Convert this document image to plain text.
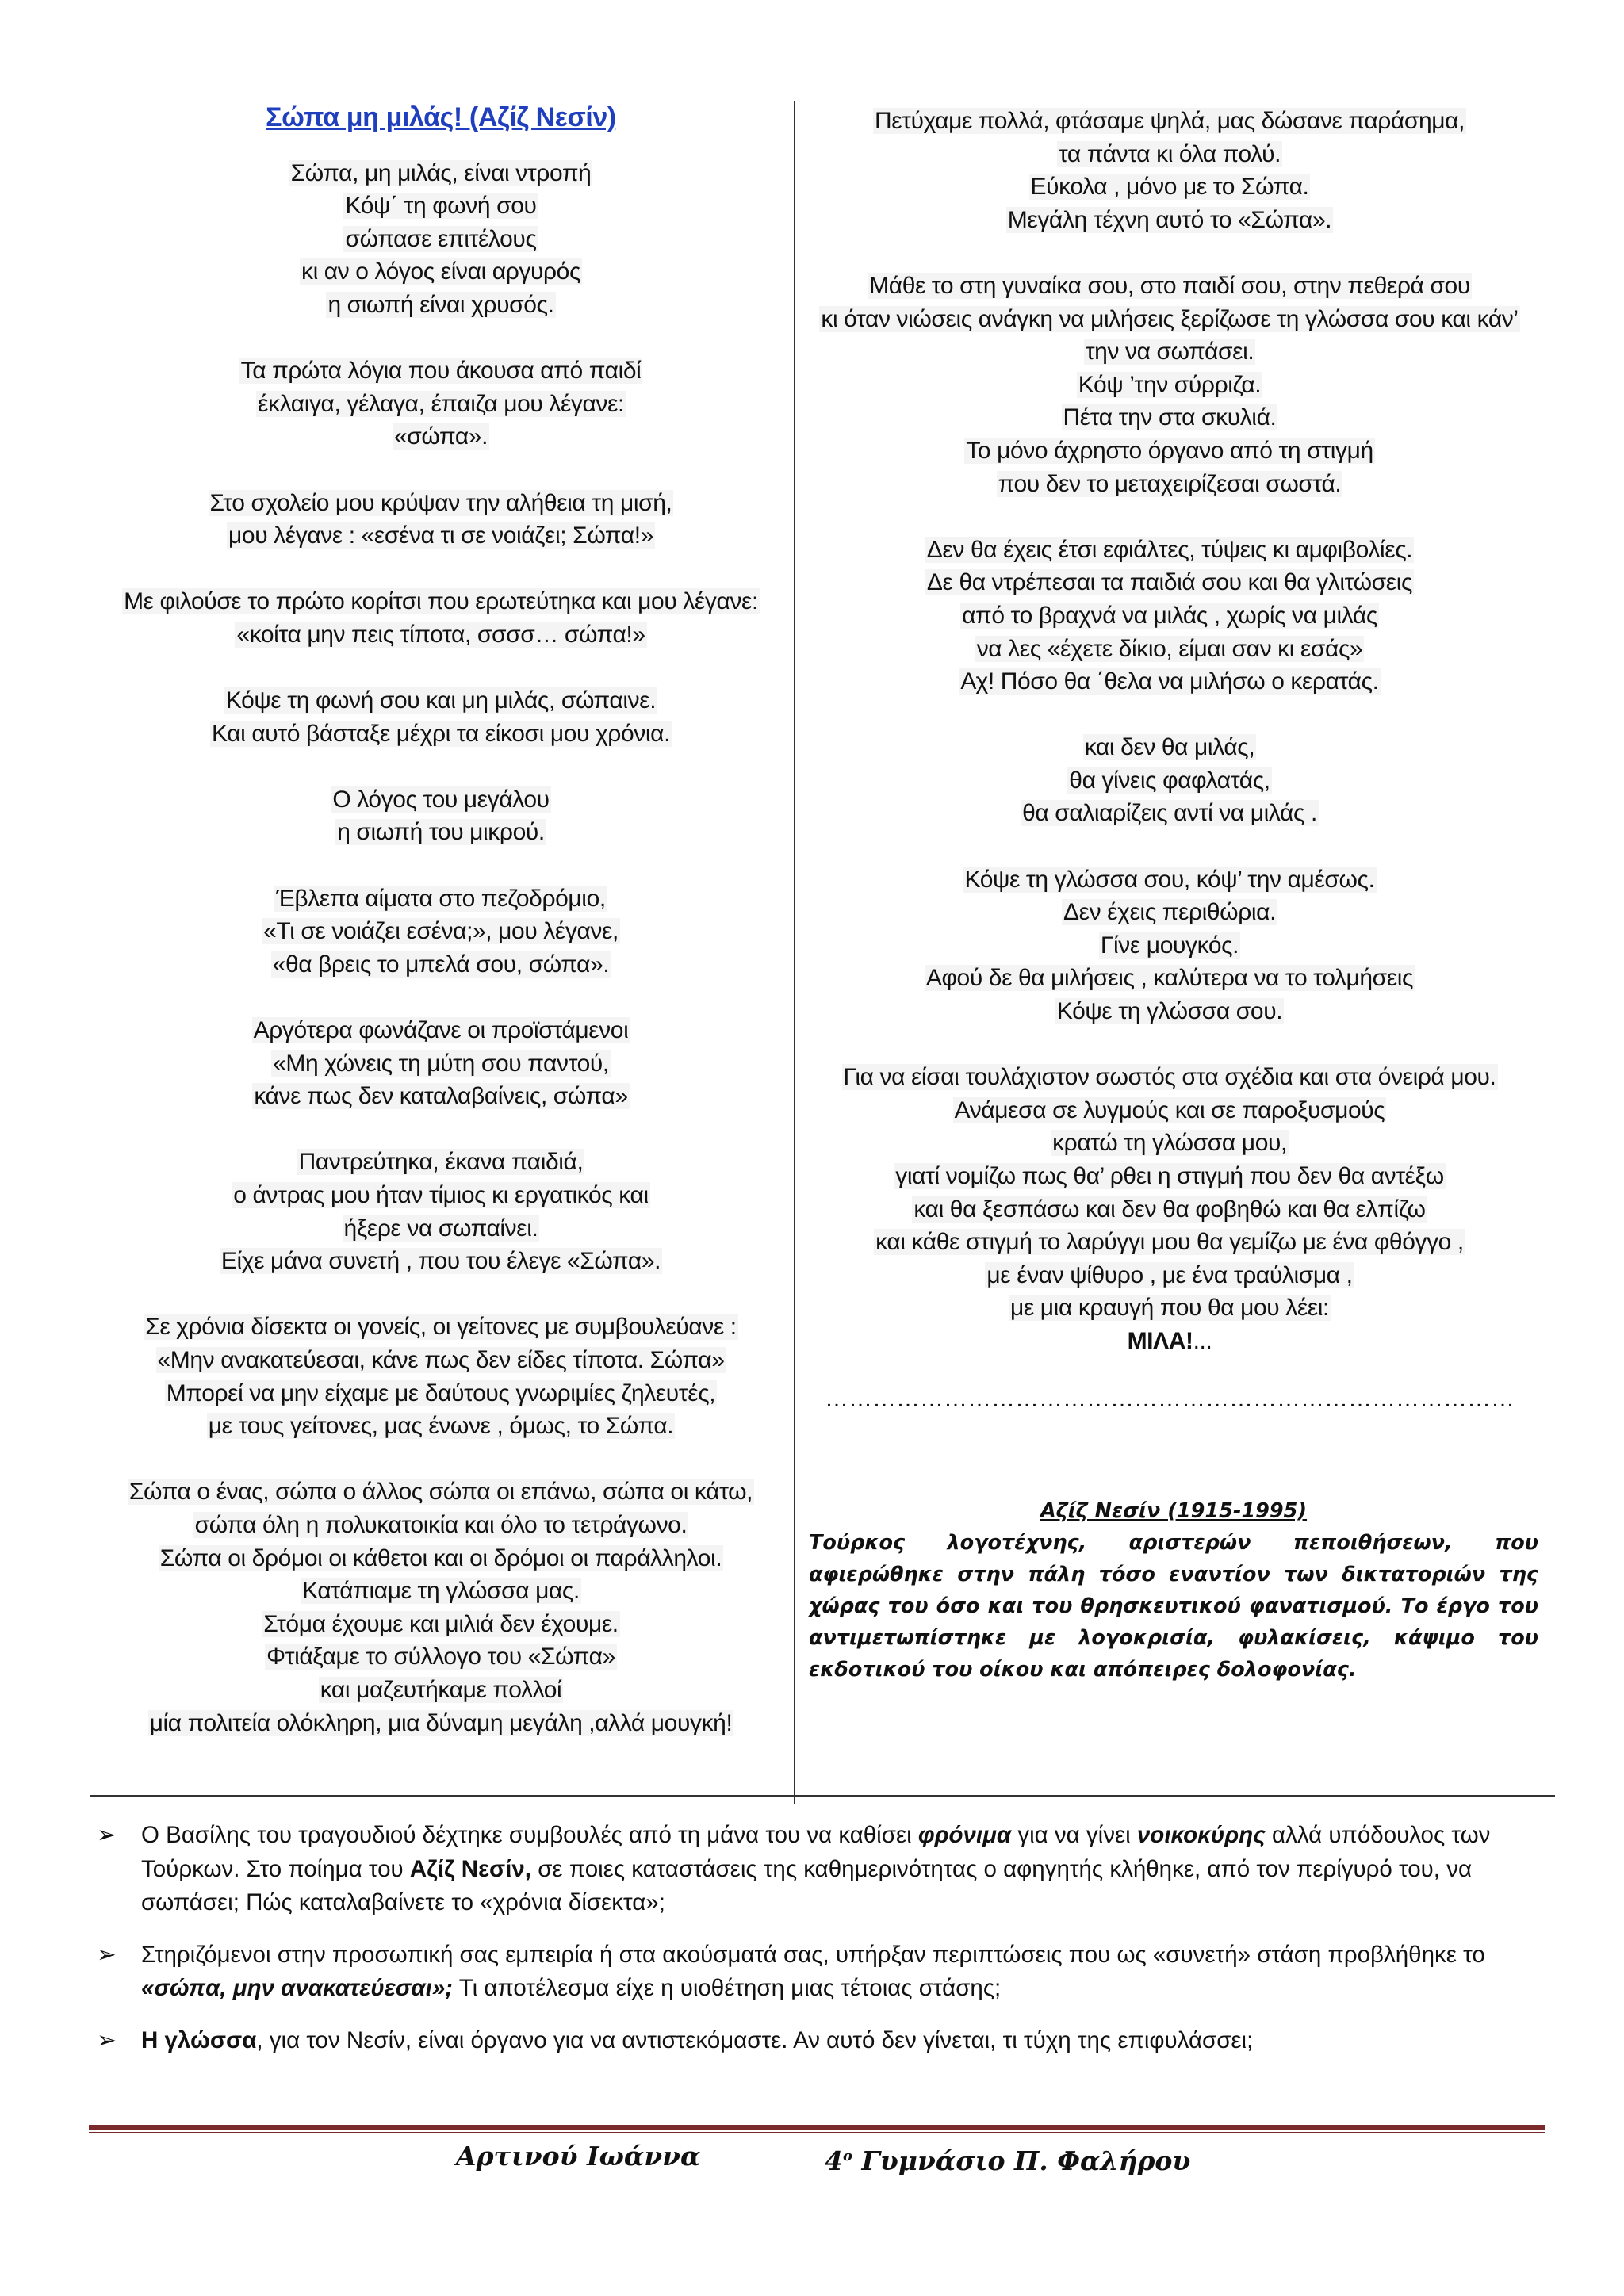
Σώπα μη μιλάς! (Αζίζ Νεσίν)
Σώπα, μη μιλάς, είναι ντροπή
Κόψ΄ τη φωνή σου
σώπασε επιτέλους
κι αν ο λόγος είναι αργυρός
η σιωπή είναι χρυσός.
Τα πρώτα λόγια που άκουσα από παιδί
έκλαιγα, γέλαγα, έπαιζα μου λέγανε:
«σώπα».
Στο σχολείο μου κρύψαν την αλήθεια τη μισή,
μου λέγανε : «εσένα τι σε νοιάζει; Σώπα!»
Με φιλούσε το πρώτο κορίτσι που ερωτεύτηκα και μου λέγανε:
«κοίτα μην πεις τίποτα, σσσσ… σώπα!»
Κόψε τη φωνή σου και μη μιλάς, σώπαινε.
Και αυτό βάσταξε μέχρι τα είκοσι μου χρόνια.
Ο λόγος του μεγάλου
η σιωπή του μικρού.
Έβλεπα αίματα στο πεζοδρόμιο,
«Τι σε νοιάζει εσένα;», μου λέγανε,
«θα βρεις το μπελά σου, σώπα».
Αργότερα φωνάζανε οι προϊστάμενοι
«Μη χώνεις τη μύτη σου παντού,
κάνε πως δεν καταλαβαίνεις, σώπα»
Παντρεύτηκα, έκανα παιδιά,
ο άντρας μου ήταν τίμιος κι εργατικός και
ήξερε να σωπαίνει.
Είχε μάνα συνετή , που του έλεγε «Σώπα».
Σε χρόνια δίσεκτα οι γονείς, οι γείτονες με συμβουλεύανε :
«Μην ανακατεύεσαι, κάνε πως δεν είδες τίποτα. Σώπα»
Μπορεί να μην είχαμε με δαύτους γνωριμίες ζηλευτές,
με τους γείτονες, μας ένωνε , όμως, το Σώπα.
Σώπα ο ένας, σώπα ο άλλος σώπα οι επάνω, σώπα οι κάτω,
σώπα όλη η πολυκατοικία και όλο το τετράγωνο.
Σώπα οι δρόμοι οι κάθετοι και οι δρόμοι οι παράλληλοι.
Κατάπιαμε τη γλώσσα μας.
Στόμα έχουμε και μιλιά δεν έχουμε.
Φτιάξαμε το σύλλογο του «Σώπα»
και μαζευτήκαμε πολλοί
μία πολιτεία ολόκληρη, μια δύναμη μεγάλη ,αλλά μουγκή!
Πετύχαμε πολλά, φτάσαμε ψηλά, μας δώσανε παράσημα,
τα πάντα κι όλα πολύ.
Εύκολα , μόνο με το Σώπα.
Μεγάλη τέχνη αυτό το «Σώπα».
Μάθε το στη γυναίκα σου, στο παιδί σου, στην πεθερά σου
κι όταν νιώσεις ανάγκη να μιλήσεις ξερίζωσε τη γλώσσα σου και κάν’
την να σωπάσει.
Κόψ ’την σύρριζα.
Πέτα την στα σκυλιά.
Το μόνο άχρηστο όργανο από τη στιγμή
που δεν το μεταχειρίζεσαι σωστά.
Δεν θα έχεις έτσι εφιάλτες, τύψεις κι αμφιβολίες.
Δε θα ντρέπεσαι τα παιδιά σου και θα γλιτώσεις
από το βραχνά να μιλάς , χωρίς να μιλάς
να λες «έχετε δίκιο, είμαι σαν κι εσάς»
Αχ! Πόσο θα ΄θελα να μιλήσω ο κερατάς.
και δεν θα μιλάς,
θα γίνεις φαφλατάς,
θα σαλιαρίζεις αντί να μιλάς .
Κόψε τη γλώσσα σου, κόψ’ την αμέσως.
Δεν έχεις περιθώρια.
Γίνε μουγκός.
Αφού δε θα μιλήσεις , καλύτερα να το τολμήσεις
Κόψε τη γλώσσα σου.
Για να είσαι τουλάχιστον σωστός στα σχέδια και στα όνειρά μου.
Ανάμεσα σε λυγμούς και σε παροξυσμούς
κρατώ τη γλώσσα μου,
γιατί νομίζω πως θα’ ρθει η στιγμή που δεν θα αντέξω
και θα ξεσπάσω και δεν θα φοβηθώ και θα ελπίζω
και κάθε στιγμή το λαρύγγι μου θα γεμίζω με ένα φθόγγο ,
με έναν ψίθυρο , με ένα τραύλισμα ,
με μια κραυγή που θα μου λέει:
ΜΙΛΑ!...
……………………………………………………………………………
Αζίζ Νεσίν (1915-1995)
Τούρκος λογοτέχνης, αριστερών πεποιθήσεων, που αφιερώθηκε στην πάλη τόσο εναντίον των δικτατοριών της χώρας του όσο και του θρησκευτικού φανατισμού. Το έργο του αντιμετωπίστηκε με λογοκρισία, φυλακίσεις, κάψιμο του εκδοτικού του οίκου και απόπειρες δολοφονίας.
➢	Ο Βασίλης του τραγουδιού δέχτηκε συμβουλές από τη μάνα του να καθίσει φρόνιμα για να γίνει νοικοκύρης αλλά υπόδουλος των Τούρκων. Στο ποίημα του Αζίζ Νεσίν, σε ποιες καταστάσεις της καθημερινότητας ο αφηγητής κλήθηκε, από τον περίγυρό του, να σωπάσει; Πώς καταλαβαίνετε το «χρόνια δίσεκτα»;
➢	Στηριζόμενοι στην προσωπική σας εμπειρία ή στα ακούσματά σας, υπήρξαν περιπτώσεις που ως «συνετή» στάση προβλήθηκε το «σώπα, μην ανακατεύεσαι»; Τι αποτέλεσμα είχε η υιοθέτηση μιας τέτοιας στάσης;
➢	Η γλώσσα, για τον Νεσίν, είναι όργανο για να αντιστεκόμαστε. Αν αυτό δεν γίνεται, τι τύχη της επιφυλάσσει;
Αρτινού Ιωάννα	$4^o$ Γυμνάσιο Π. Φαλήρου
